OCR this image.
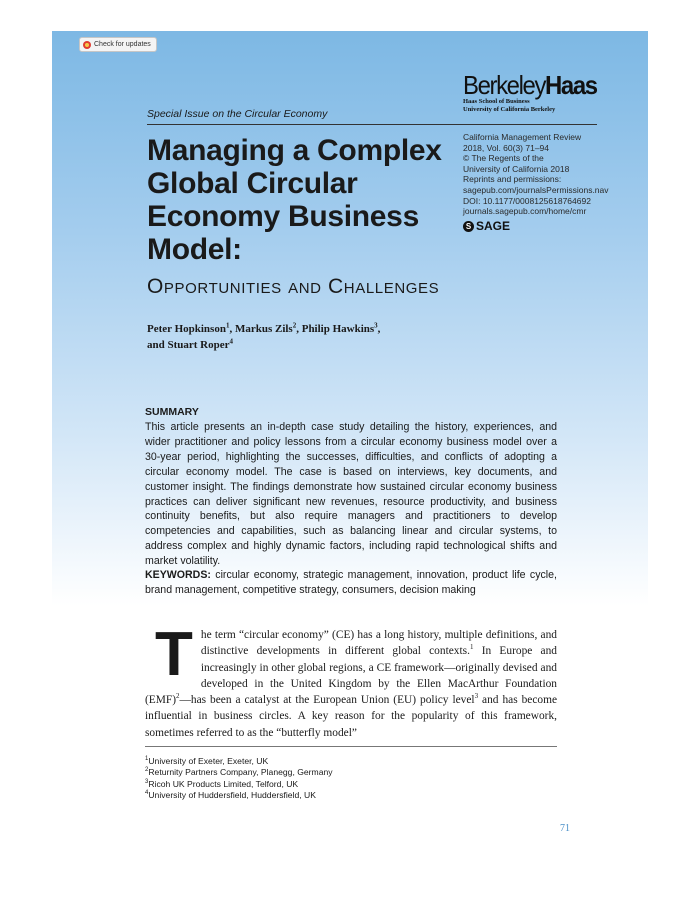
Check for updates
BerkeleyHaas
Haas School of Business
University of California Berkeley
Special Issue on the Circular Economy
Managing a Complex Global Circular Economy Business Model:
Opportunities and Challenges
Peter Hopkinson$^1$, Markus Zils$^2$, Philip Hawkins$^3$,
and Stuart Roper$^4$
California Management Review
2018, Vol. 60(3) 71–94
© The Regents of the
University of California 2018
Reprints and permissions:
sagepub.com/journalsPermissions.nav
DOI: 10.1177/0008125618764692
journals.sagepub.com/home/cmr
S SAGE
SUMMARY

This article presents an in-depth case study detailing the history, experiences, and wider practitioner and policy lessons from a circular economy business model over a 30-year period, highlighting the successes, difficulties, and conflicts of adopting a circular economy model. The case is based on interviews, key documents, and customer insight. The findings demonstrate how sustained circular economy business practices can deliver significant new revenues, resource productivity, and business continuity benefits, but also require managers and practitioners to develop competencies and capabilities, such as balancing linear and circular systems, to address complex and highly dynamic factors, including rapid technological shifts and market volatility.

KEYWORDS: circular economy, strategic management, innovation, product life cycle, brand management, competitive strategy, consumers, decision making

The term “circular economy” (CE) has a long history, multiple definitions, and distinctive developments in different global contexts.$^1$ In Europe and increasingly in other global regions, a CE framework—originally devised and developed in the United Kingdom by the Ellen MacArthur Foundation (EMF)$^2$—has been a catalyst at the European Union (EU) policy level$^3$ and has become influential in business circles. A key reason for the popularity of this framework, sometimes referred to as the “butterfly model”

$^1$University of Exeter, Exeter, UK
$^2$Returnity Partners Company, Planegg, Germany
$^3$Ricoh UK Products Limited, Telford, UK
$^4$University of Huddersfield, Huddersfield, UK
71
